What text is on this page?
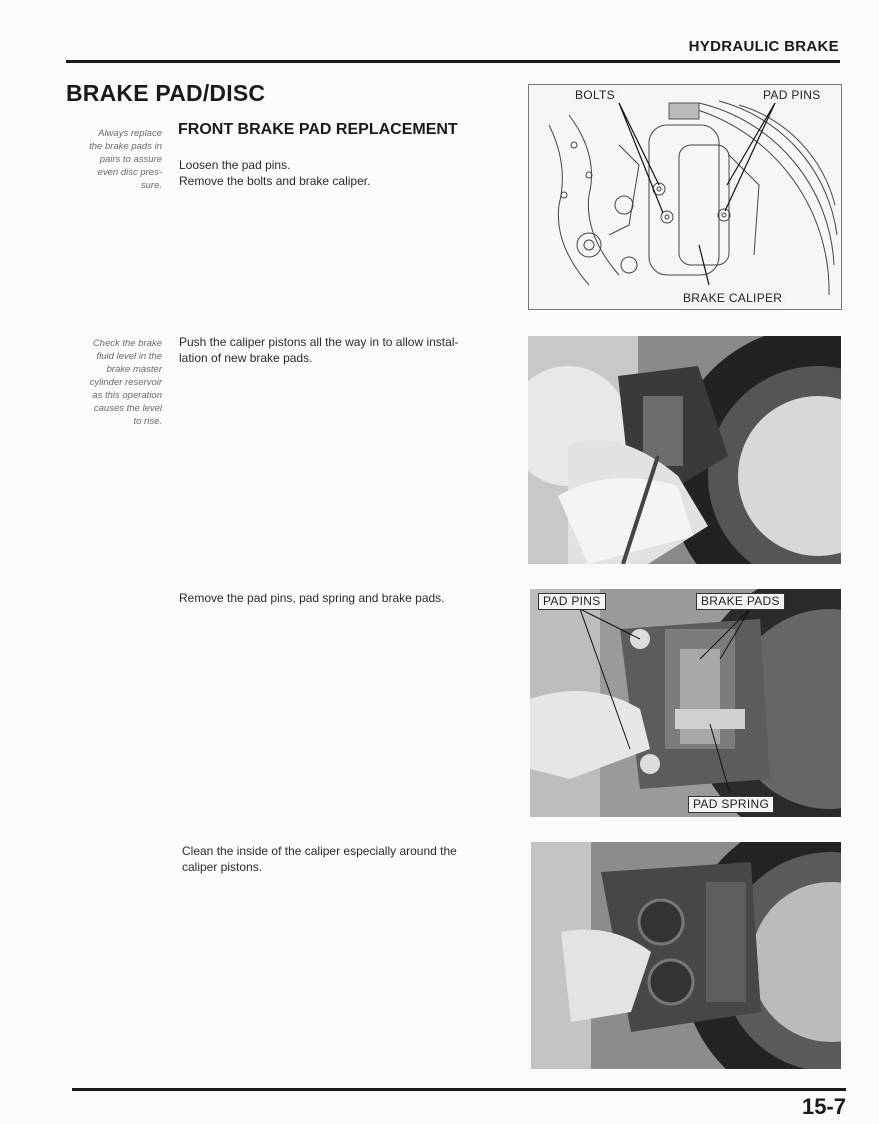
HYDRAULIC BRAKE
BRAKE PAD/DISC
Always replace
the brake pads in
pairs to assure
even disc pres-
sure.
Check the brake
fluid level in the
brake master
cylinder reservoir
as this operation
causes the level
to rise.
FRONT BRAKE PAD REPLACEMENT
Loosen the pad pins.
Remove the bolts and brake caliper.
Push the caliper pistons all the way in to allow instal-
lation of new brake pads.
Remove the pad pins, pad spring and brake pads.
Clean the inside of the caliper especially around the
caliper pistons.
BOLTS	PAD PINS
BRAKE CALIPER
PAD PINS	BRAKE PADS
PAD SPRING
15-7
